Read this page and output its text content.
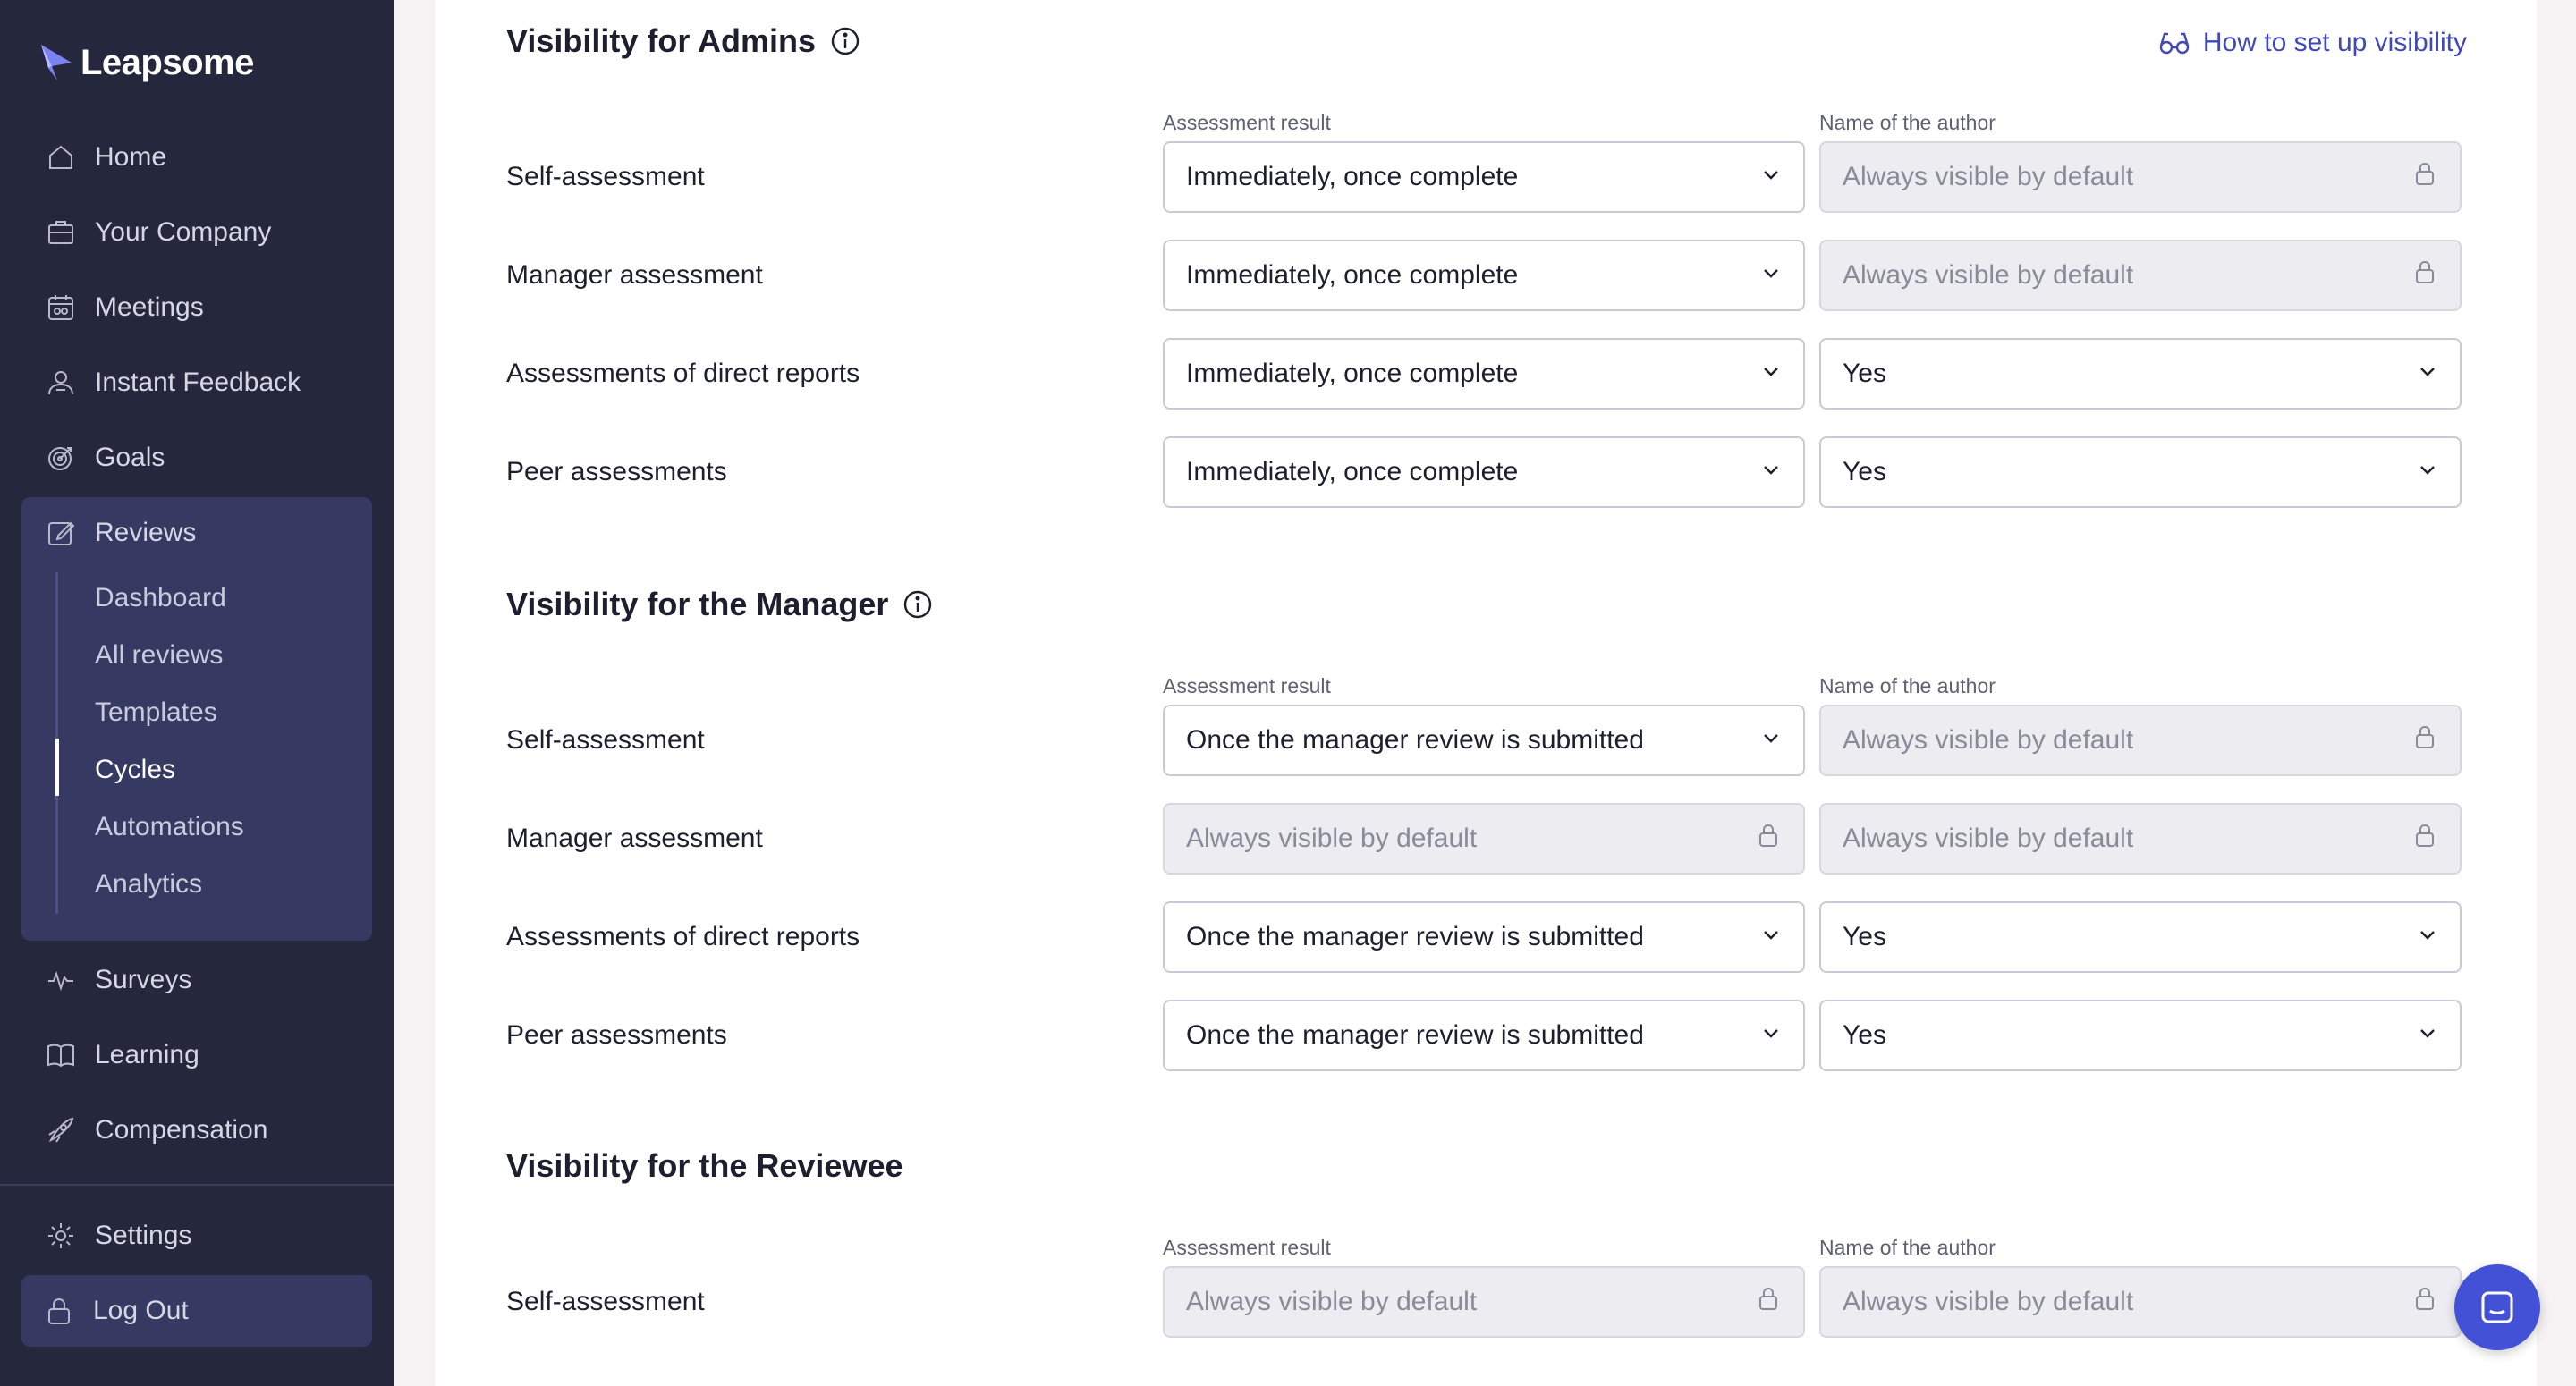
Leapsome
Home
Your Company
Meetings
Instant Feedback
Goals
Reviews
Dashboard
All reviews
Templates
Cycles
Automations
Analytics
Surveys
Learning
Compensation
Settings
Log Out
How to set up visibility
Visibility for Admins
Assessment result	Name of the author
Self-assessment	Immediately, once complete	Always visible by default
Manager assessment	Immediately, once complete	Always visible by default
Assessments of direct reports	Immediately, once complete	Yes
Peer assessments	Immediately, once complete	Yes
Visibility for the Manager
Assessment result	Name of the author
Self-assessment	Once the manager review is submitted	Always visible by default
Manager assessment	Always visible by default	Always visible by default
Assessments of direct reports	Once the manager review is submitted	Yes
Peer assessments	Once the manager review is submitted	Yes
Visibility for the Reviewee
Assessment result	Name of the author
Self-assessment	Always visible by default	Always visible by default
